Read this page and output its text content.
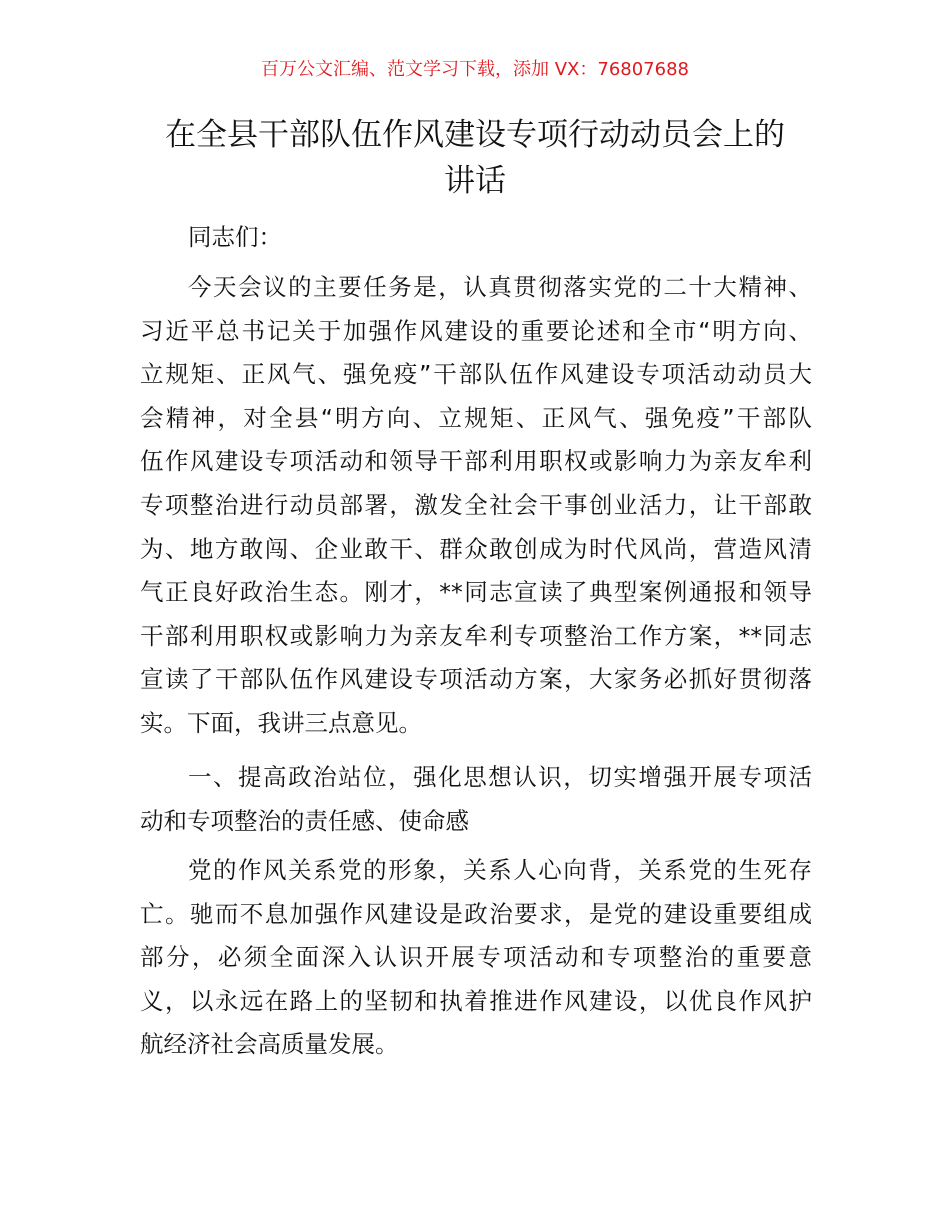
百万公文汇编、范文学习下载，添加 VX：76807688
在全县干部队伍作风建设专项行动动员会上的
讲话
同志们：
今天会议的主要任务是，认真贯彻落实党的二十大精神、
习近平总书记关于加强作风建设的重要论述和全市“明方向、
立规矩、正风气、强免疫”干部队伍作风建设专项活动动员大
会精神，对全县“明方向、立规矩、正风气、强免疫”干部队
伍作风建设专项活动和领导干部利用职权或影响力为亲友牟利
专项整治进行动员部署，激发全社会干事创业活力，让干部敢
为、地方敢闯、企业敢干、群众敢创成为时代风尚，营造风清
气正良好政治生态。刚才，**同志宣读了典型案例通报和领导
干部利用职权或影响力为亲友牟利专项整治工作方案，**同志
宣读了干部队伍作风建设专项活动方案，大家务必抓好贯彻落
实。下面，我讲三点意见。
一、提高政治站位，强化思想认识，切实增强开展专项活
动和专项整治的责任感、使命感
党的作风关系党的形象，关系人心向背，关系党的生死存
亡。驰而不息加强作风建设是政治要求，是党的建设重要组成
部分，必须全面深入认识开展专项活动和专项整治的重要意
义，以永远在路上的坚韧和执着推进作风建设，以优良作风护
航经济社会高质量发展。
